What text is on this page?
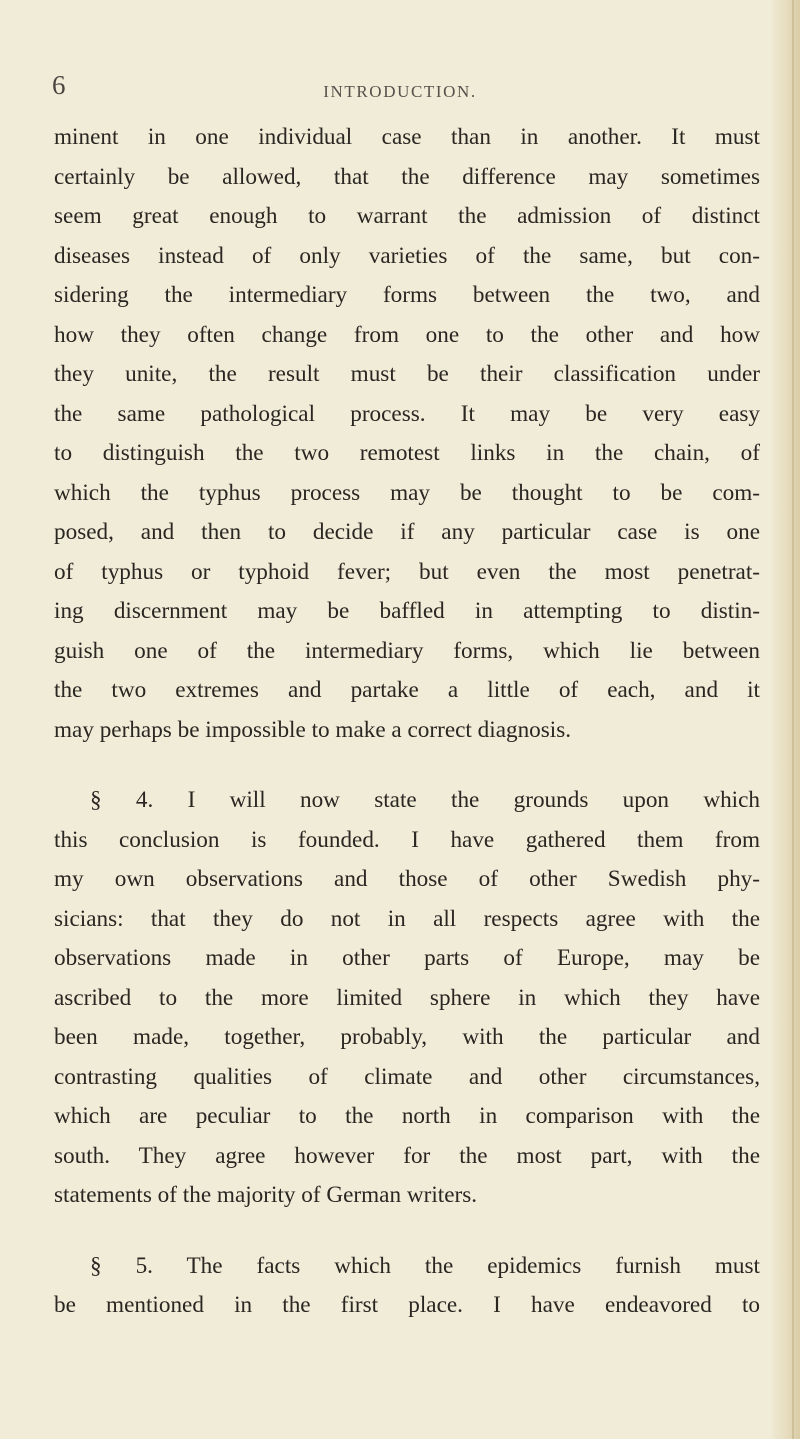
6	INTRODUCTION.
minent in one individual case than in another. It must
certainly be allowed, that the difference may sometimes
seem great enough to warrant the admission of distinct
diseases instead of only varieties of the same, but con-
sidering the intermediary forms between the two, and
how they often change from one to the other and how
they unite, the result must be their classification under
the same pathological process. It may be very easy
to distinguish the two remotest links in the chain, of
which the typhus process may be thought to be com-
posed, and then to decide if any particular case is one
of typhus or typhoid fever; but even the most penetrat-
ing discernment may be baffled in attempting to distin-
guish one of the intermediary forms, which lie between
the two extremes and partake a little of each, and it
may perhaps be impossible to make a correct diagnosis.
§ 4. I will now state the grounds upon which
this conclusion is founded. I have gathered them from
my own observations and those of other Swedish phy-
sicians: that they do not in all respects agree with the
observations made in other parts of Europe, may be
ascribed to the more limited sphere in which they have
been made, together, probably, with the particular and
contrasting qualities of climate and other circumstances,
which are peculiar to the north in comparison with the
south. They agree however for the most part, with the
statements of the majority of German writers.
§ 5. The facts which the epidemics furnish must
be mentioned in the first place. I have endeavored to
